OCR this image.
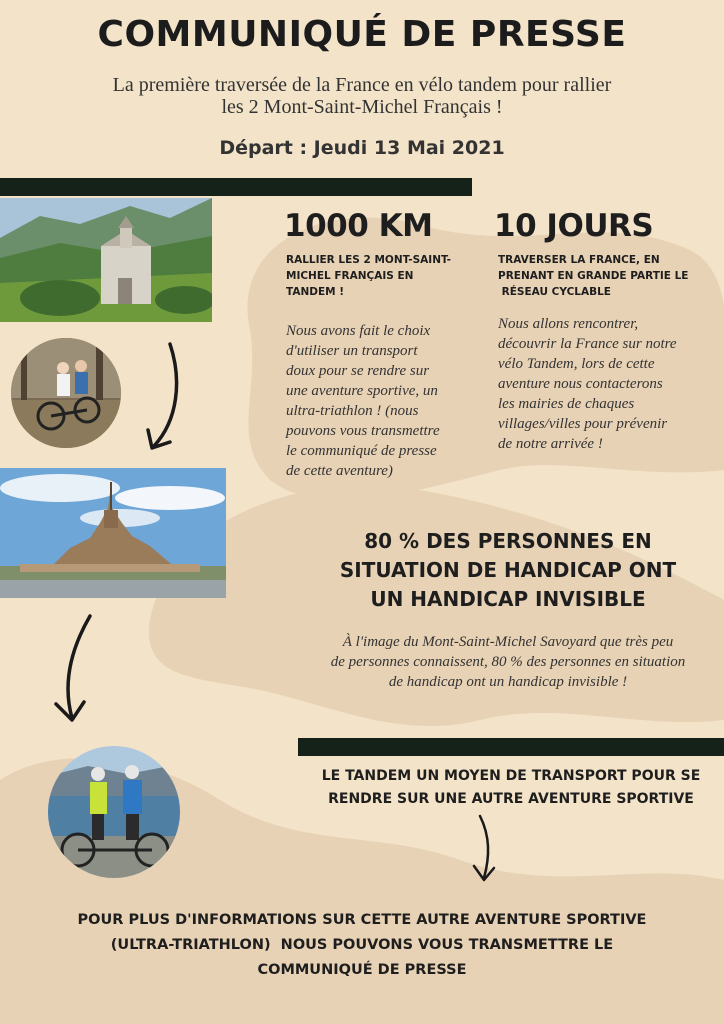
COMMUNIQUÉ DE PRESSE
La première traversée de la France en vélo tandem pour rallier
les 2 Mont-Saint-Michel Français !
Départ : Jeudi 13 Mai 2021
1000 KM
RALLIER LES 2 MONT-SAINT-
MICHEL FRANÇAIS EN
TANDEM !
Nous avons fait le choix
d'utiliser un transport
doux pour se rendre sur
une aventure sportive, un
ultra-triathlon ! (nous
pouvons vous transmettre
le communiqué de presse
de cette aventure)
10 JOURS
TRAVERSER LA FRANCE, EN
PRENANT EN GRANDE PARTIE LE
RÉSEAU CYCLABLE
Nous allons rencontrer,
découvrir la France sur notre
vélo Tandem, lors de cette
aventure nous contacterons
les mairies de chaques
villages/villes pour prévenir
de notre arrivée !
80 % DES PERSONNES EN
SITUATION DE HANDICAP ONT
UN HANDICAP INVISIBLE
À l'image du Mont-Saint-Michel Savoyard que très peu
de personnes connaissent, 80 % des personnes en situation
de handicap ont un handicap invisible !
LE TANDEM UN MOYEN DE TRANSPORT POUR SE
RENDRE SUR UNE AUTRE AVENTURE SPORTIVE
POUR PLUS D'INFORMATIONS SUR CETTE AUTRE AVENTURE SPORTIVE
(ULTRA-TRIATHLON)  NOUS POUVONS VOUS TRANSMETTRE LE
COMMUNIQUÉ DE PRESSE
